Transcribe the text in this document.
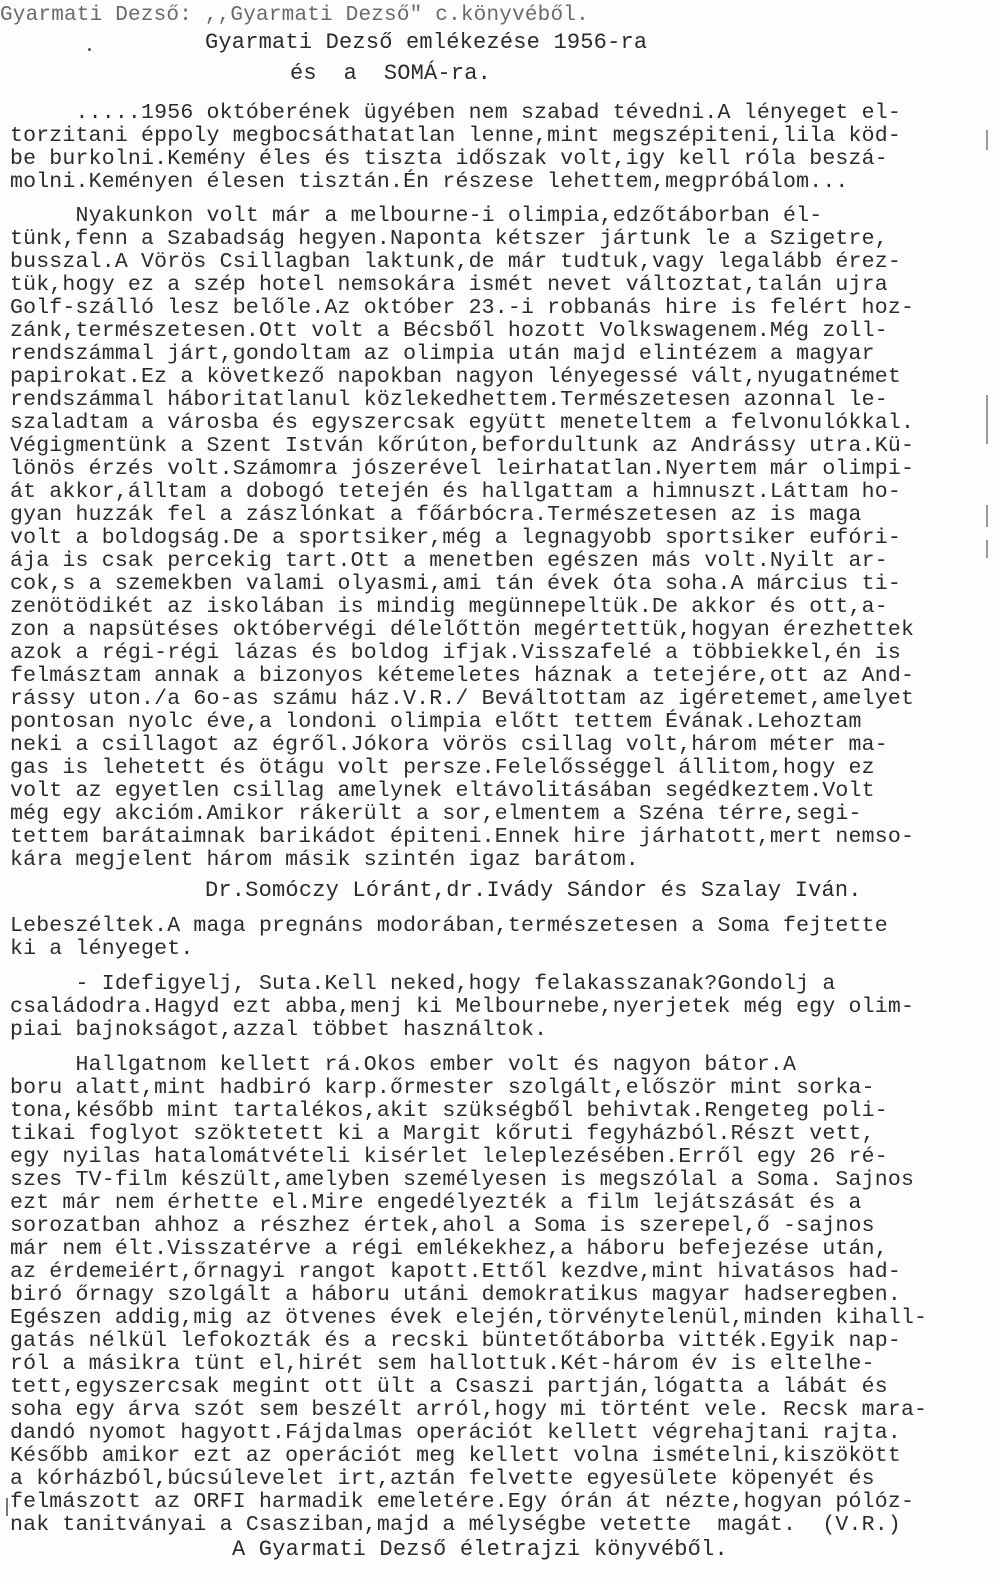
Gyarmati Dezső: ,,Gyarmati Dezső" c.könyvéből.
Gyarmati Dezső emlékezése 1956-ra
és  a  SOMÁ-ra.
.....1956 októberének ügyében nem szabad tévedni.A lényeget el-
torzitani éppoly megbocsáthatatlan lenne,mint megszépiteni,lila köd-
be burkolni.Kemény éles és tiszta időszak volt,igy kell róla beszá-
molni.Keményen élesen tisztán.Én részese lehettem,megpróbálom...
Nyakunkon volt már a melbourne-i olimpia,edzőtáborban él-
tünk,fenn a Szabadság hegyen.Naponta kétszer jártunk le a Szigetre,
busszal.A Vörös Csillagban laktunk,de már tudtuk,vagy legalább érez-
tük,hogy ez a szép hotel nemsokára ismét nevet változtat,talán ujra
Golf-szálló lesz belőle.Az október 23.-i robbanás hire is felért hoz-
zánk,természetesen.Ott volt a Bécsből hozott Volkswagenem.Még zoll-
rendszámmal járt,gondoltam az olimpia után majd elintézem a magyar
papirokat.Ez a következő napokban nagyon lényegessé vált,nyugatnémet
rendszámmal háboritatlanul közlekedhettem.Természetesen azonnal le-
szaladtam a városba és egyszercsak együtt meneteltem a felvonulókkal.
Végigmentünk a Szent István kőrúton,befordultunk az Andrássy utra.Kü-
lönös érzés volt.Számomra jószerével leirhatatlan.Nyertem már olimpi-
át akkor,álltam a dobogó tetején és hallgattam a himnuszt.Láttam ho-
gyan huzzák fel a zászlónkat a főárbócra.Természetesen az is maga
volt a boldogság.De a sportsiker,még a legnagyobb sportsiker eufóri-
ája is csak percekig tart.Ott a menetben egészen más volt.Nyilt ar-
cok,s a szemekben valami olyasmi,ami tán évek óta soha.A március ti-
zenötödikét az iskolában is mindig megünnepeltük.De akkor és ott,a-
zon a napsütéses októbervégi délelőttön megértettük,hogyan érezhettek
azok a régi-régi lázas és boldog ifjak.Visszafelé a többiekkel,én is
felmásztam annak a bizonyos kétemeletes háznak a tetejére,ott az And-
rássy uton./a 6o-as számu ház.V.R./ Beváltottam az igéretemet,amelyet
pontosan nyolc éve,a londoni olimpia előtt tettem Évának.Lehoztam
neki a csillagot az égről.Jókora vörös csillag volt,három méter ma-
gas is lehetett és ötágu volt persze.Felelősséggel állitom,hogy ez
volt az egyetlen csillag amelynek eltávolitásában segédkeztem.Volt
még egy akcióm.Amikor rákerült a sor,elmentem a Széna térre,segi-
tettem barátaimnak barikádot épiteni.Ennek hire járhatott,mert nemso-
kára megjelent három másik szintén igaz barátom.
Dr.Somóczy Lóránt,dr.Ivády Sándor és Szalay Iván.
Lebeszéltek.A maga pregnáns modorában,természetesen a Soma fejtette
ki a lényeget.
- Idefigyelj, Suta.Kell neked,hogy felakasszanak?Gondolj a
családodra.Hagyd ezt abba,menj ki Melbournebe,nyerjetek még egy olim-
piai bajnokságot,azzal többet használtok.
Hallgatnom kellett rá.Okos ember volt és nagyon bátor.A
boru alatt,mint hadbiró karp.őrmester szolgált,először mint sorka-
tona,később mint tartalékos,akit szükségből behivtak.Rengeteg poli-
tikai foglyot szöktetett ki a Margit kőruti fegyházból.Részt vett,
egy nyilas hatalomátvételi kisérlet leleplezésében.Erről egy 26 ré-
szes TV-film készült,amelyben személyesen is megszólal a Soma. Sajnos
ezt már nem érhette el.Mire engedélyezték a film lejátszását és a
sorozatban ahhoz a részhez értek,ahol a Soma is szerepel,ő -sajnos
már nem élt.Visszatérve a régi emlékekhez,a háboru befejezése után,
az érdemeiért,őrnagyi rangot kapott.Ettől kezdve,mint hivatásos had-
biró őrnagy szolgált a háboru utáni demokratikus magyar hadseregben.
Egészen addig,mig az ötvenes évek elején,törvénytelenül,minden kihall-
gatás nélkül lefokozták és a recski büntetőtáborba vitték.Egyik nap-
ról a másikra tünt el,hirét sem hallottuk.Két-három év is eltelhe-
tett,egyszercsak megint ott ült a Csaszi partján,lógatta a lábát és
soha egy árva szót sem beszélt arról,hogy mi történt vele. Recsk mara-
dandó nyomot hagyott.Fájdalmas operációt kellett végrehajtani rajta.
Később amikor ezt az operációt meg kellett volna ismételni,kiszökött
a kórházból,búcsúlevelet irt,aztán felvette egyesülete köpenyét és
felmászott az ORFI harmadik emeletére.Egy órán át nézte,hogyan pólóz-
nak tanitványai a Csasziban,majd a mélységbe vetette  magát.  (V.R.)
A Gyarmati Dezső életrajzi könyvéből.
